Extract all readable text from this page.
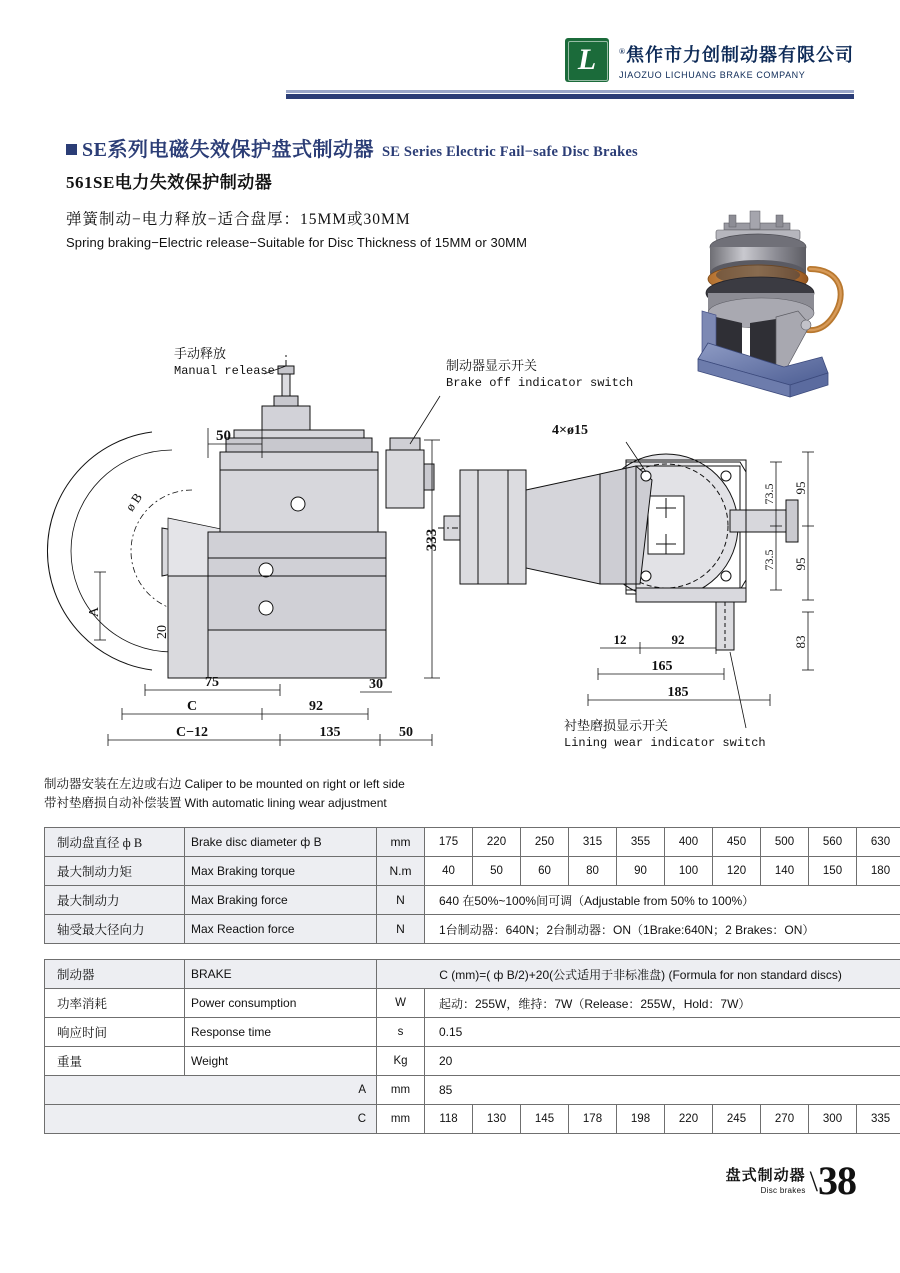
L	®焦作市力创制动器有限公司
JIAOZUO LICHUANG BRAKE COMPANY
SE系列电磁失效保护盘式制动器 SE Series Electric Fail−safe Disc Brakes
561SE电力失效保护制动器
弹簧制动−电力释放−适合盘厚：15MM或30MM
Spring braking−Electric release−Suitable for Disc Thickness of 15MM or 30MM
50
333
ø B
A
20
75	30
C	92
C−12	135	50
手动释放
Manual release	制动器显示开关
Brake off indicator switch
4×ø15
73.5 95
73.5 95
83
12	92
165
185
衬垫磨损显示开关
Lining wear indicator switch
制动器安装在左边或右边 Caliper to be mounted on right or left side
带衬垫磨损自动补偿装置 With automatic lining wear adjustment
制动盘直径 ф B	Brake disc diameter ф B	mm	175	220	250	315	355	400	450	500	560	630
最大制动力矩	Max Braking torque	N.m	40	50	60	80	90	100	120	140	150	180
最大制动力	Max Braking force	N	640 在50%~100%间可调（Adjustable from 50% to 100%）									
轴受最大径向力	Max Reaction force	N	1台制动器：640N；2台制动器：ON（1Brake:640N；2 Brakes：ON）									
制动器	BRAKE	C (mm)=( ф B/2)+20(公式适用于非标准盘) (Formula for non standard discs)										
功率消耗	Power consumption	W	起动：255W，维持：7W（Release：255W，Hold：7W）									
响应时间	Response time	s	0.15									
重量	Weight	Kg	20									
	A	mm	85									
	C	mm	118	130	145	178	198	220	245	270	300	335
盘式制动器
Disc brakes \ 38
